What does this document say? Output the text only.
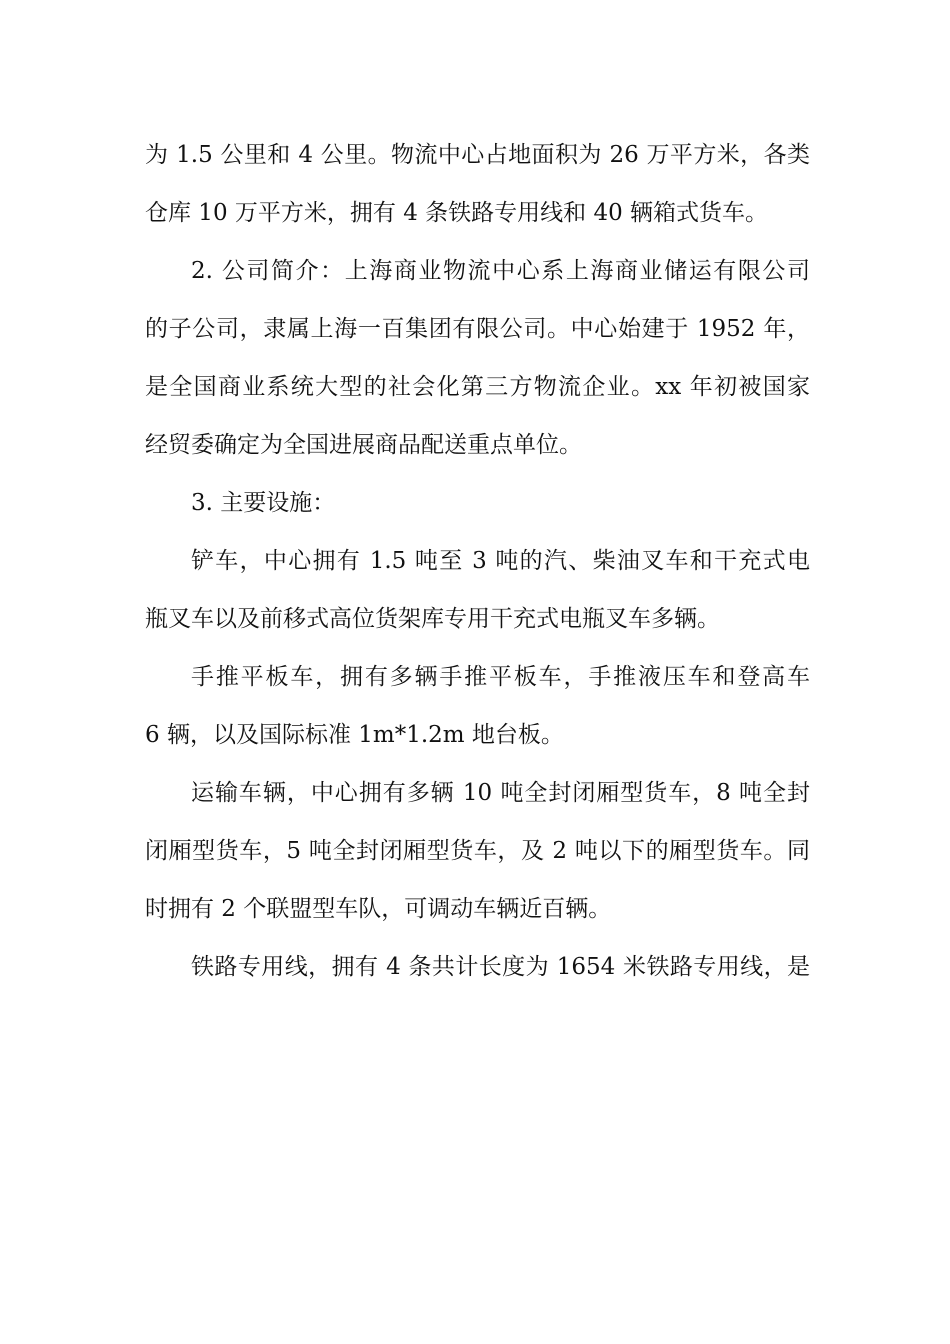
为 1.5 公里和 4 公里。物流中心占地面积为 26 万平方米，各类
仓库 10 万平方米，拥有 4 条铁路专用线和 40 辆箱式货车。
2. 公司简介：上海商业物流中心系上海商业储运有限公司
的子公司，隶属上海一百集团有限公司。中心始建于 1952 年，
是全国商业系统大型的社会化第三方物流企业。xx 年初被国家
经贸委确定为全国进展商品配送重点单位。
3. 主要设施：
铲车，中心拥有 1.5 吨至 3 吨的汽、柴油叉车和干充式电
瓶叉车以及前移式高位货架库专用干充式电瓶叉车多辆。
手推平板车，拥有多辆手推平板车，手推液压车和登高车
6 辆，以及国际标准 1m*1.2m 地台板。
运输车辆，中心拥有多辆 10 吨全封闭厢型货车，8 吨全封
闭厢型货车，5 吨全封闭厢型货车，及 2 吨以下的厢型货车。同
时拥有 2 个联盟型车队，可调动车辆近百辆。
铁路专用线，拥有 4 条共计长度为 1654 米铁路专用线，是
